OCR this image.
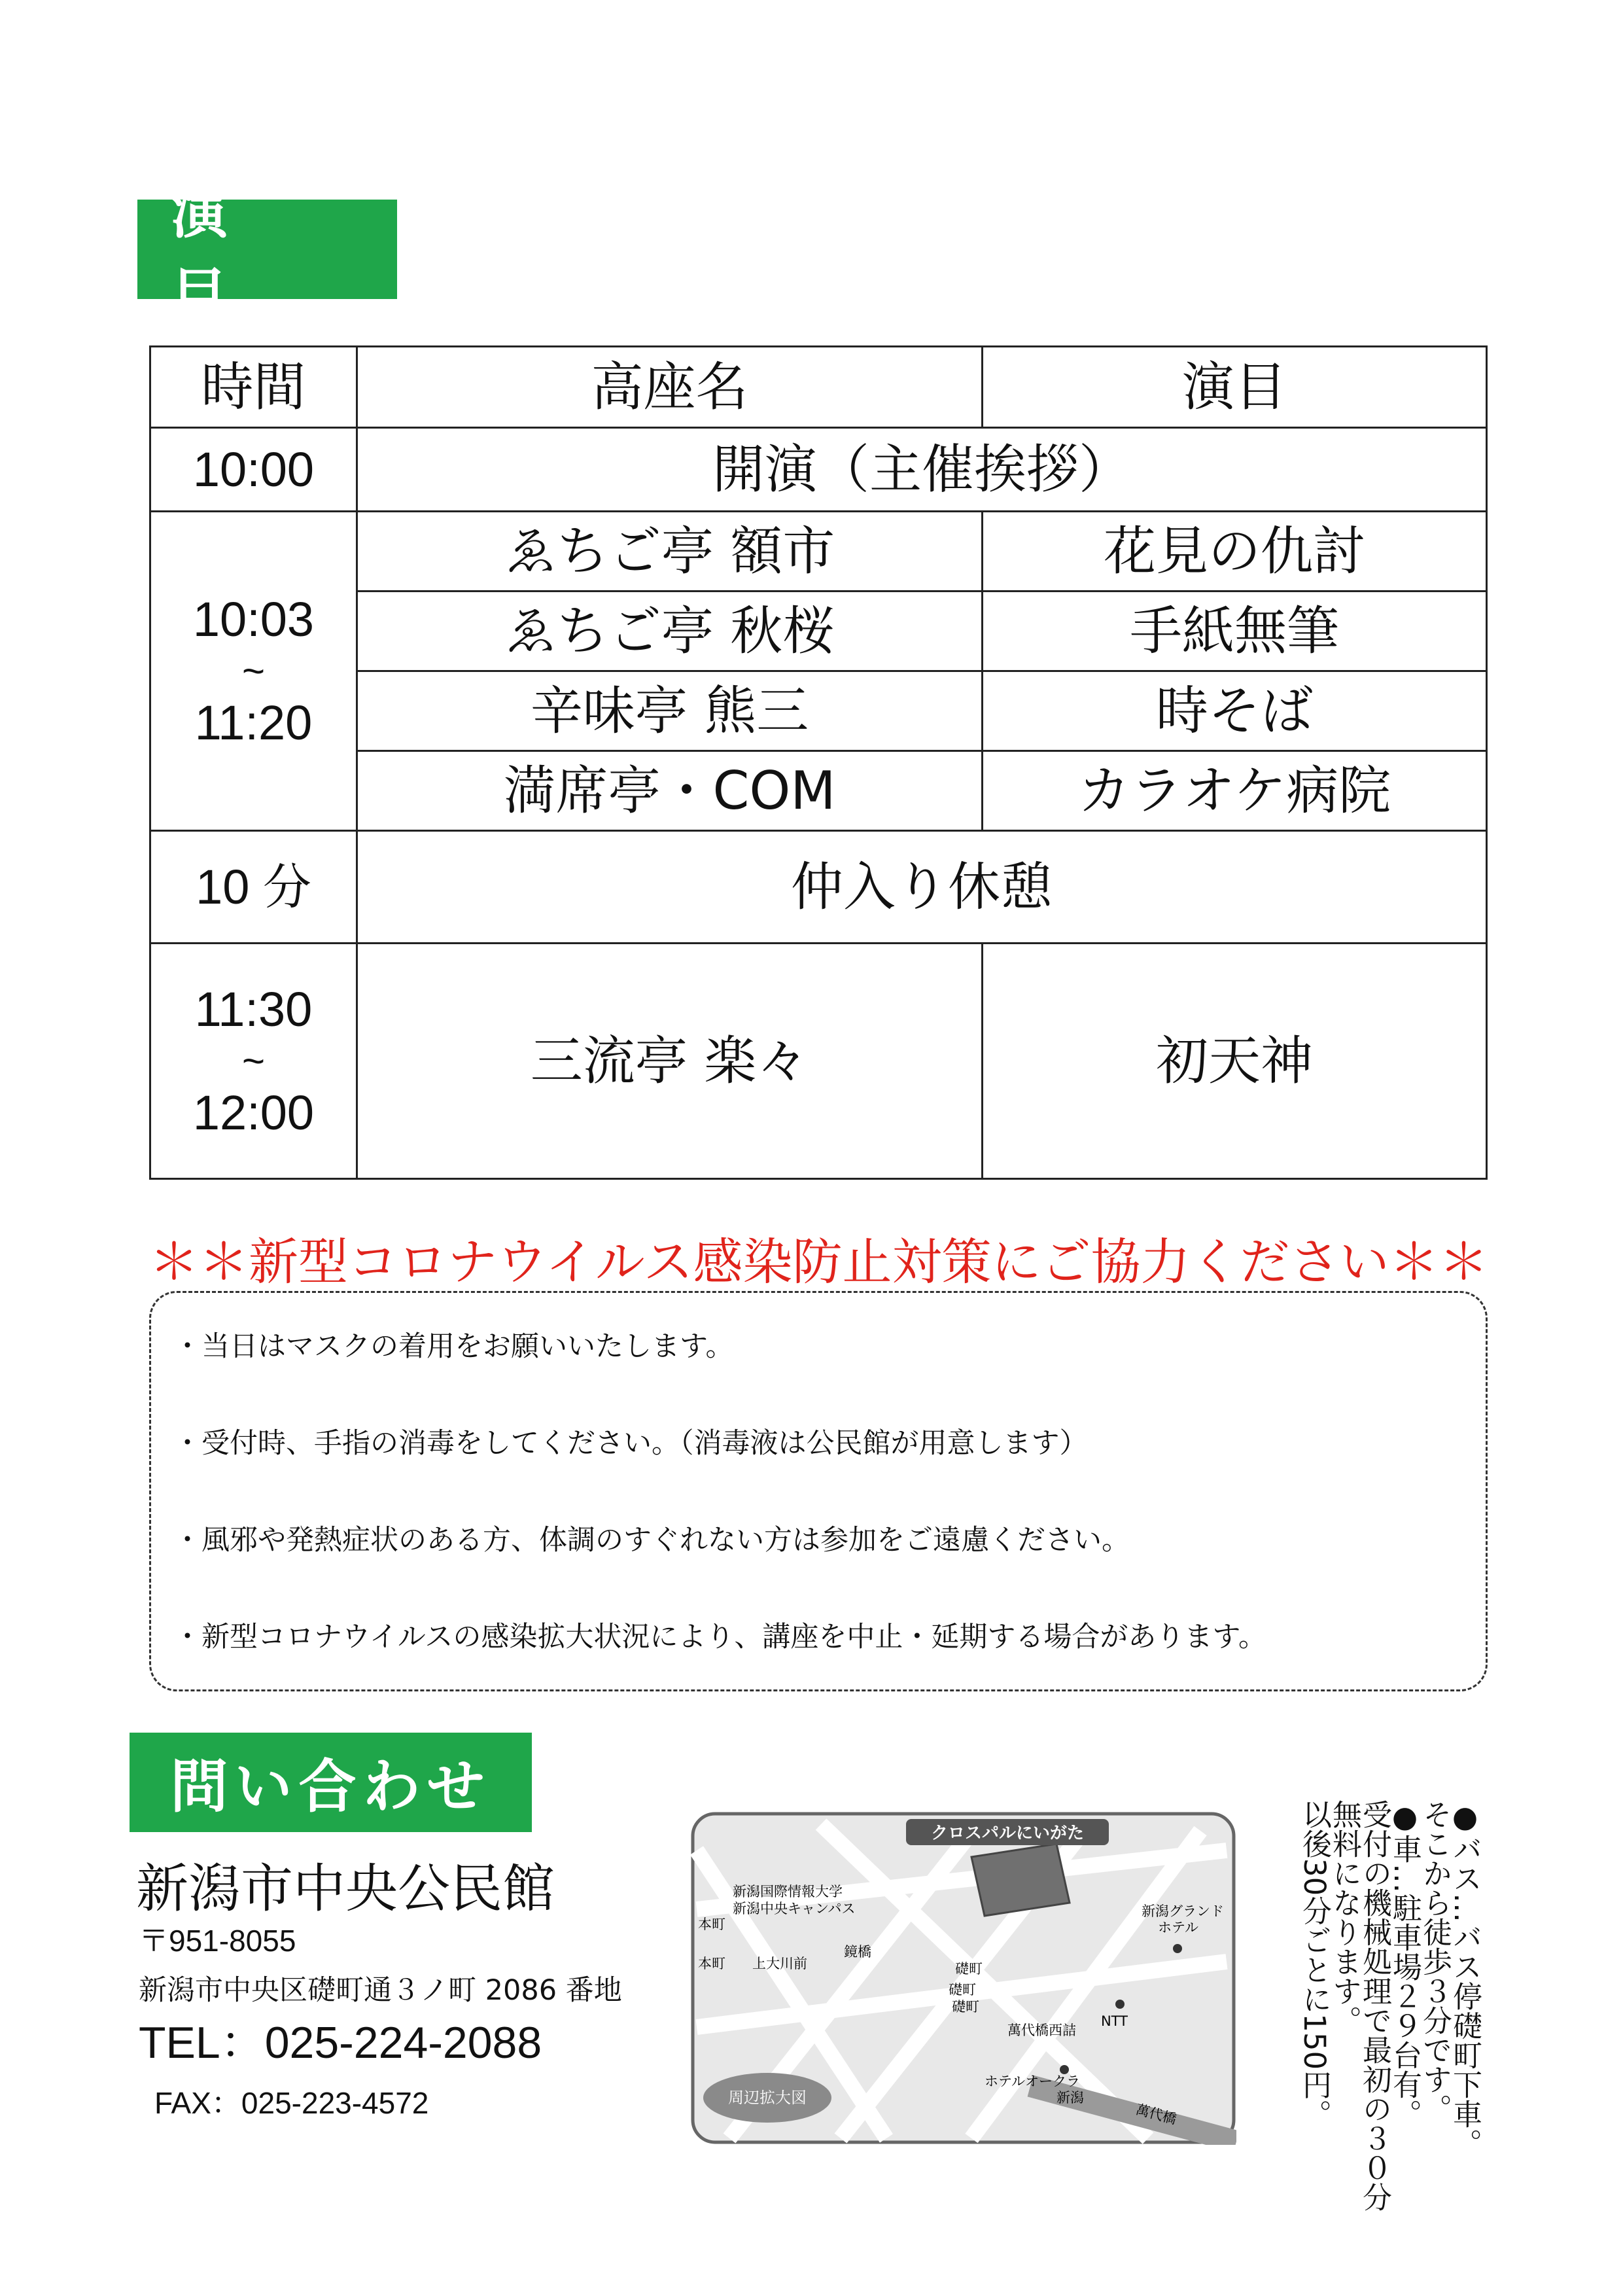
演 目
時間	高座名	演目
10:00	開演（主催挨拶）	

10:03
~
11:20	ゑちご亭 額市	花見の仇討
	ゑちご亭 秋桜	手紙無筆
	辛味亭 熊三	時そば
	満席亭・COM	カラオケ病院
10 分	仲入り休憩	

11:30
~
12:00	三流亭 楽々	初天神
＊＊新型コロナウイルス感染防止対策にご協力ください＊＊
・当日はマスクの着用をお願いいたします。
・受付時、手指の消毒をしてください。（消毒液は公民館が用意します）
・風邪や発熱症状のある方、体調のすぐれない方は参加をご遠慮ください。
・新型コロナウイルスの感染拡大状況により、講座を中止・延期する場合があります。
問い合わせ
新潟市中央公民館
〒951-8055
新潟市中央区礎町通３ノ町 2086 番地
TEL：025-224-2088
FAX：025-223-4572
クロスパルにいがた
新潟国際情報大学
新潟中央キャンパス	新潟グランド
ホテル
本町
本町 上大川前
鏡橋
礎町
礎町
礎町
NTT
萬代橋西詰
ホテルオークラ
新潟
萬代橋
周辺拡大図	●バス…バス停礎町下車。
そこから徒歩３分です。
●車…駐車場２９台有。
受付の機械処理で最初の３０分
無料になります。
以後30分ごとに150円。
